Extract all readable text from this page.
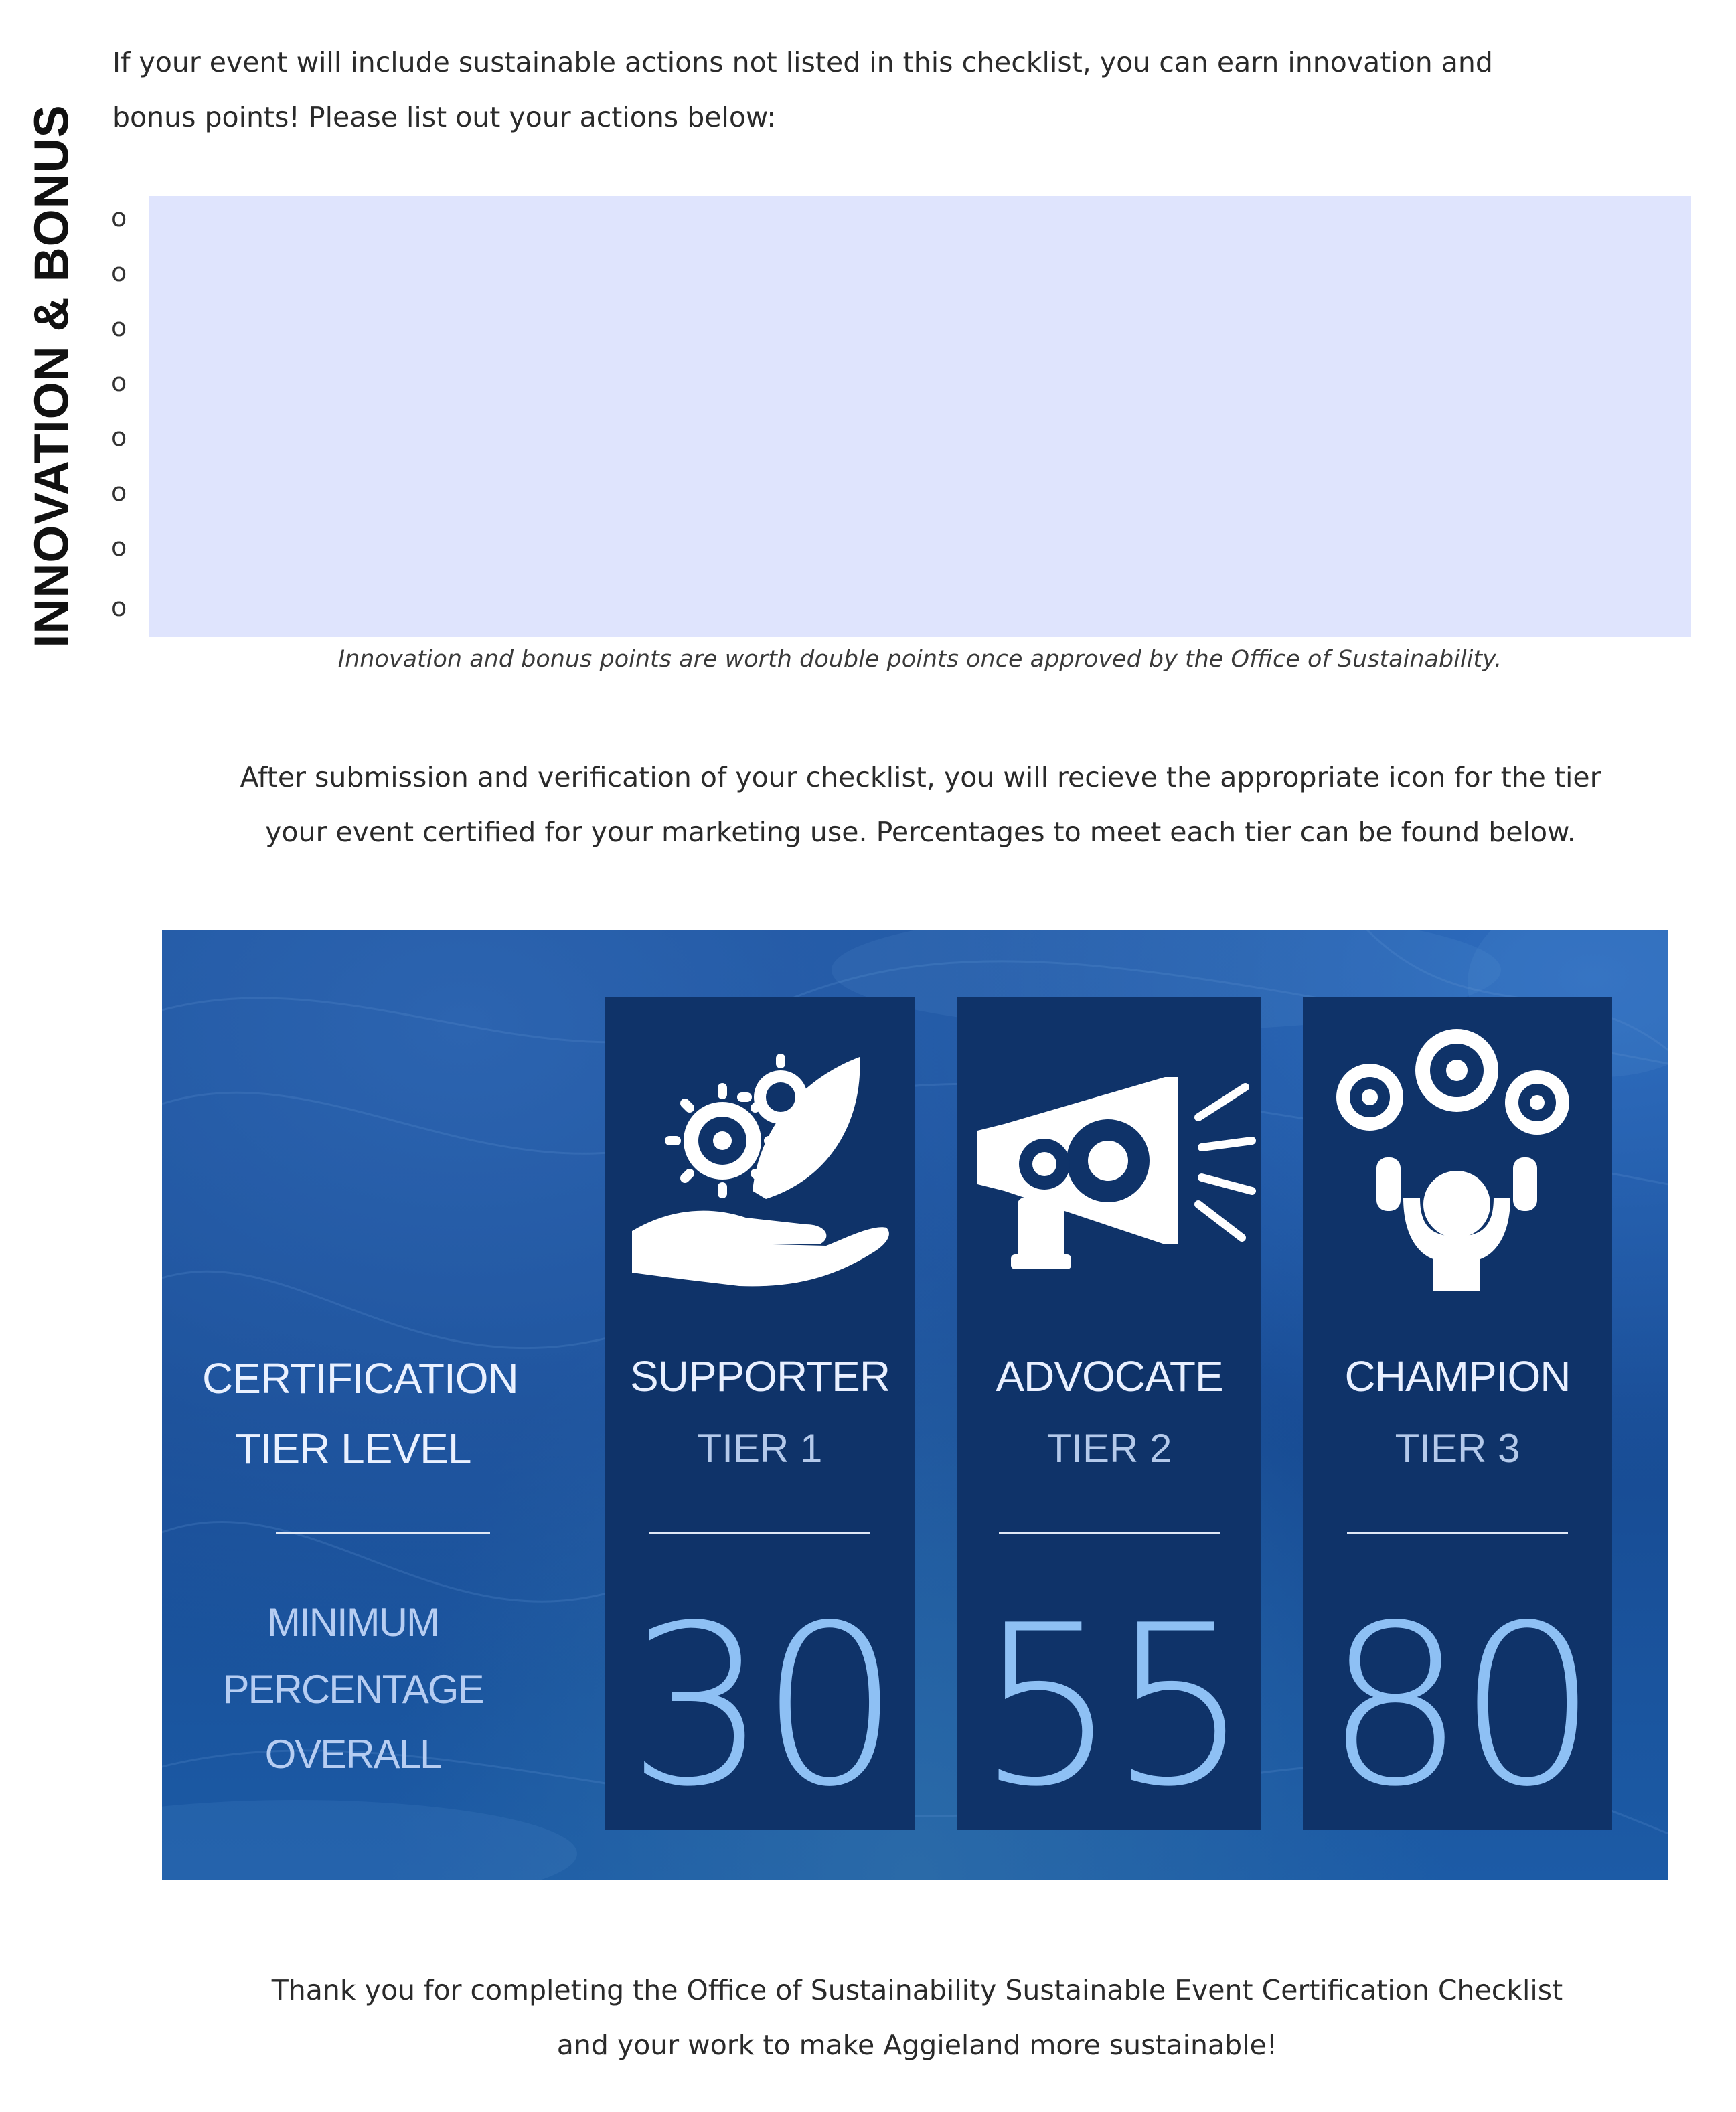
INNOVATION & BONUS
If your event will include sustainable actions not listed in this checklist, you can earn innovation and
bonus points! Please list out your actions below:
o
o
o
o
o
o
o
o
Innovation and bonus points are worth double points once approved by the Office of Sustainability.
After submission and verification of your checklist, you will recieve the appropriate icon for the tier
your event certified for your marketing use. Percentages to meet each tier can be found below.
CERTIFICATION
TIER LEVEL
MINIMUM
PERCENTAGE
OVERALL
SUPPORTER
TIER 1
30
ADVOCATE
TIER 2
55
CHAMPION
TIER 3
80
Thank you for completing the Office of Sustainability Sustainable Event Certification Checklist
and your work to make Aggieland more sustainable!
